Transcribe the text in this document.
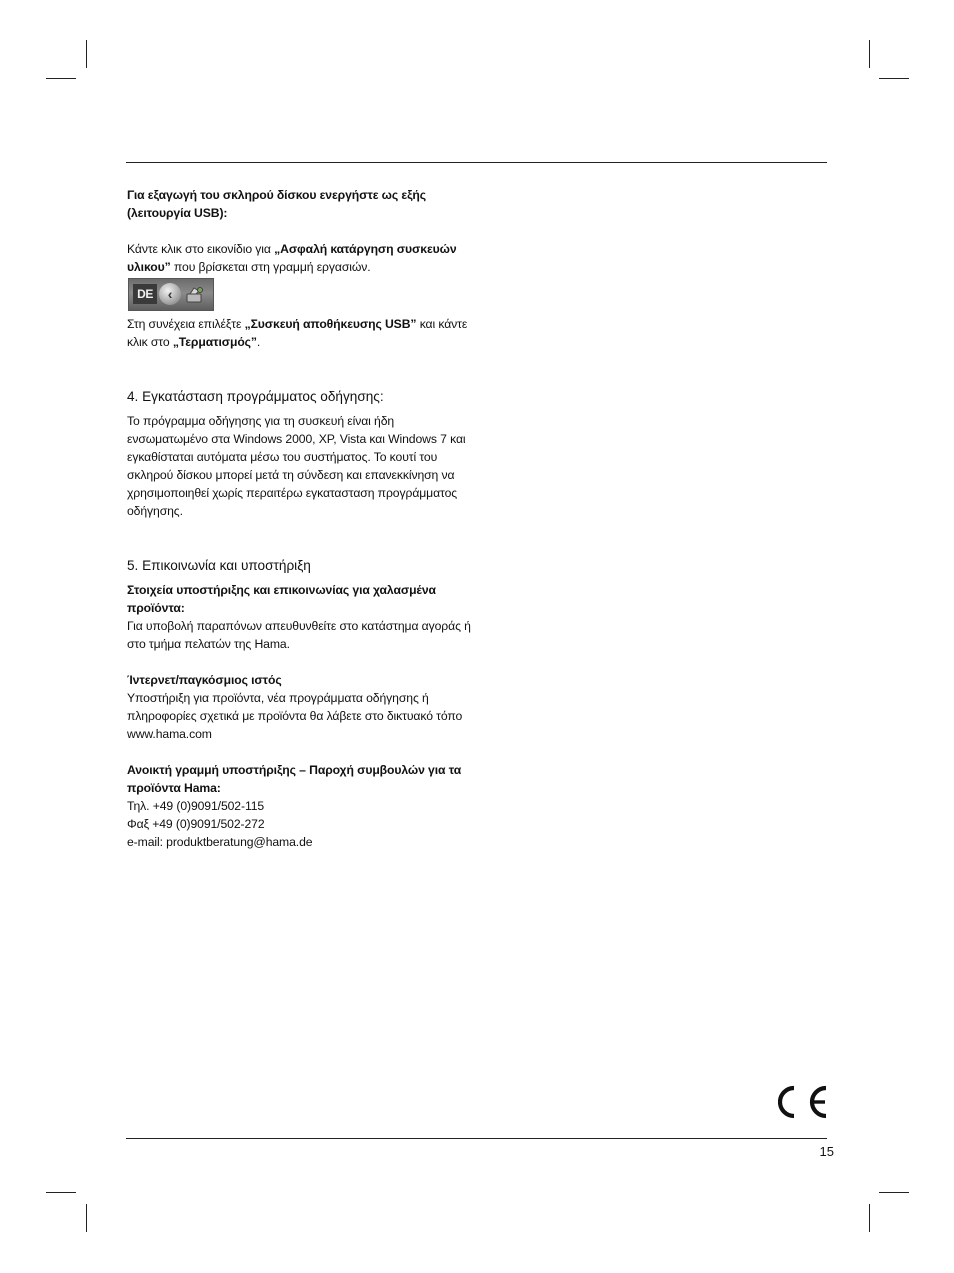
Για εξαγωγή του σκληρού δίσκου ενεργήστε ως εξής (λειτουργία USB):

Κάντε κλικ στο εικονίδιο για „Ασφαλή κατάργηση συσκευών υλικου” που βρίσκεται στη γραμμή εργασιών.

DE	‹

Στη συνέχεια επιλέξτε „Συσκευή αποθήκευσης USB” και κάντε κλικ στο „Τερματισμός”.

4. Εγκατάσταση προγράμματος οδήγησης:

Το πρόγραμμα οδήγησης για τη συσκευή είναι ήδη ενσωματωμένο στα Windows 2000, XP, Vista και Windows 7 και εγκαθίσταται αυτόματα μέσω του συστήματος. Το κουτί του σκληρού δίσκου μπορεί μετά τη σύνδεση και επανεκκίνηση να χρησιμοποιηθεί χωρίς περαιτέρω εγκατασταση προγράμματος οδήγησης.

5. Επικοινωνία και υποστήριξη

Στοιχεία υποστήριξης και επικοινωνίας για χαλασμένα προϊόντα:

Για υποβολή παραπόνων απευθυνθείτε στο κατάστημα αγοράς ή στο τμήμα πελατών της Hama.

Ίντερνετ/παγκόσμιος ιστός

Υποστήριξη για προϊόντα, νέα προγράμματα οδήγησης ή πληροφορίες σχετικά με προϊόντα θα λάβετε στο δικτυακό τόπο www.hama.com

Ανοικτή γραμμή υποστήριξης – Παροχή συμβουλών για τα προϊόντα Hama:

Τηλ. +49 (0)9091/502-115

Φαξ +49 (0)9091/502-272

e-mail: produktberatung@hama.de

15
